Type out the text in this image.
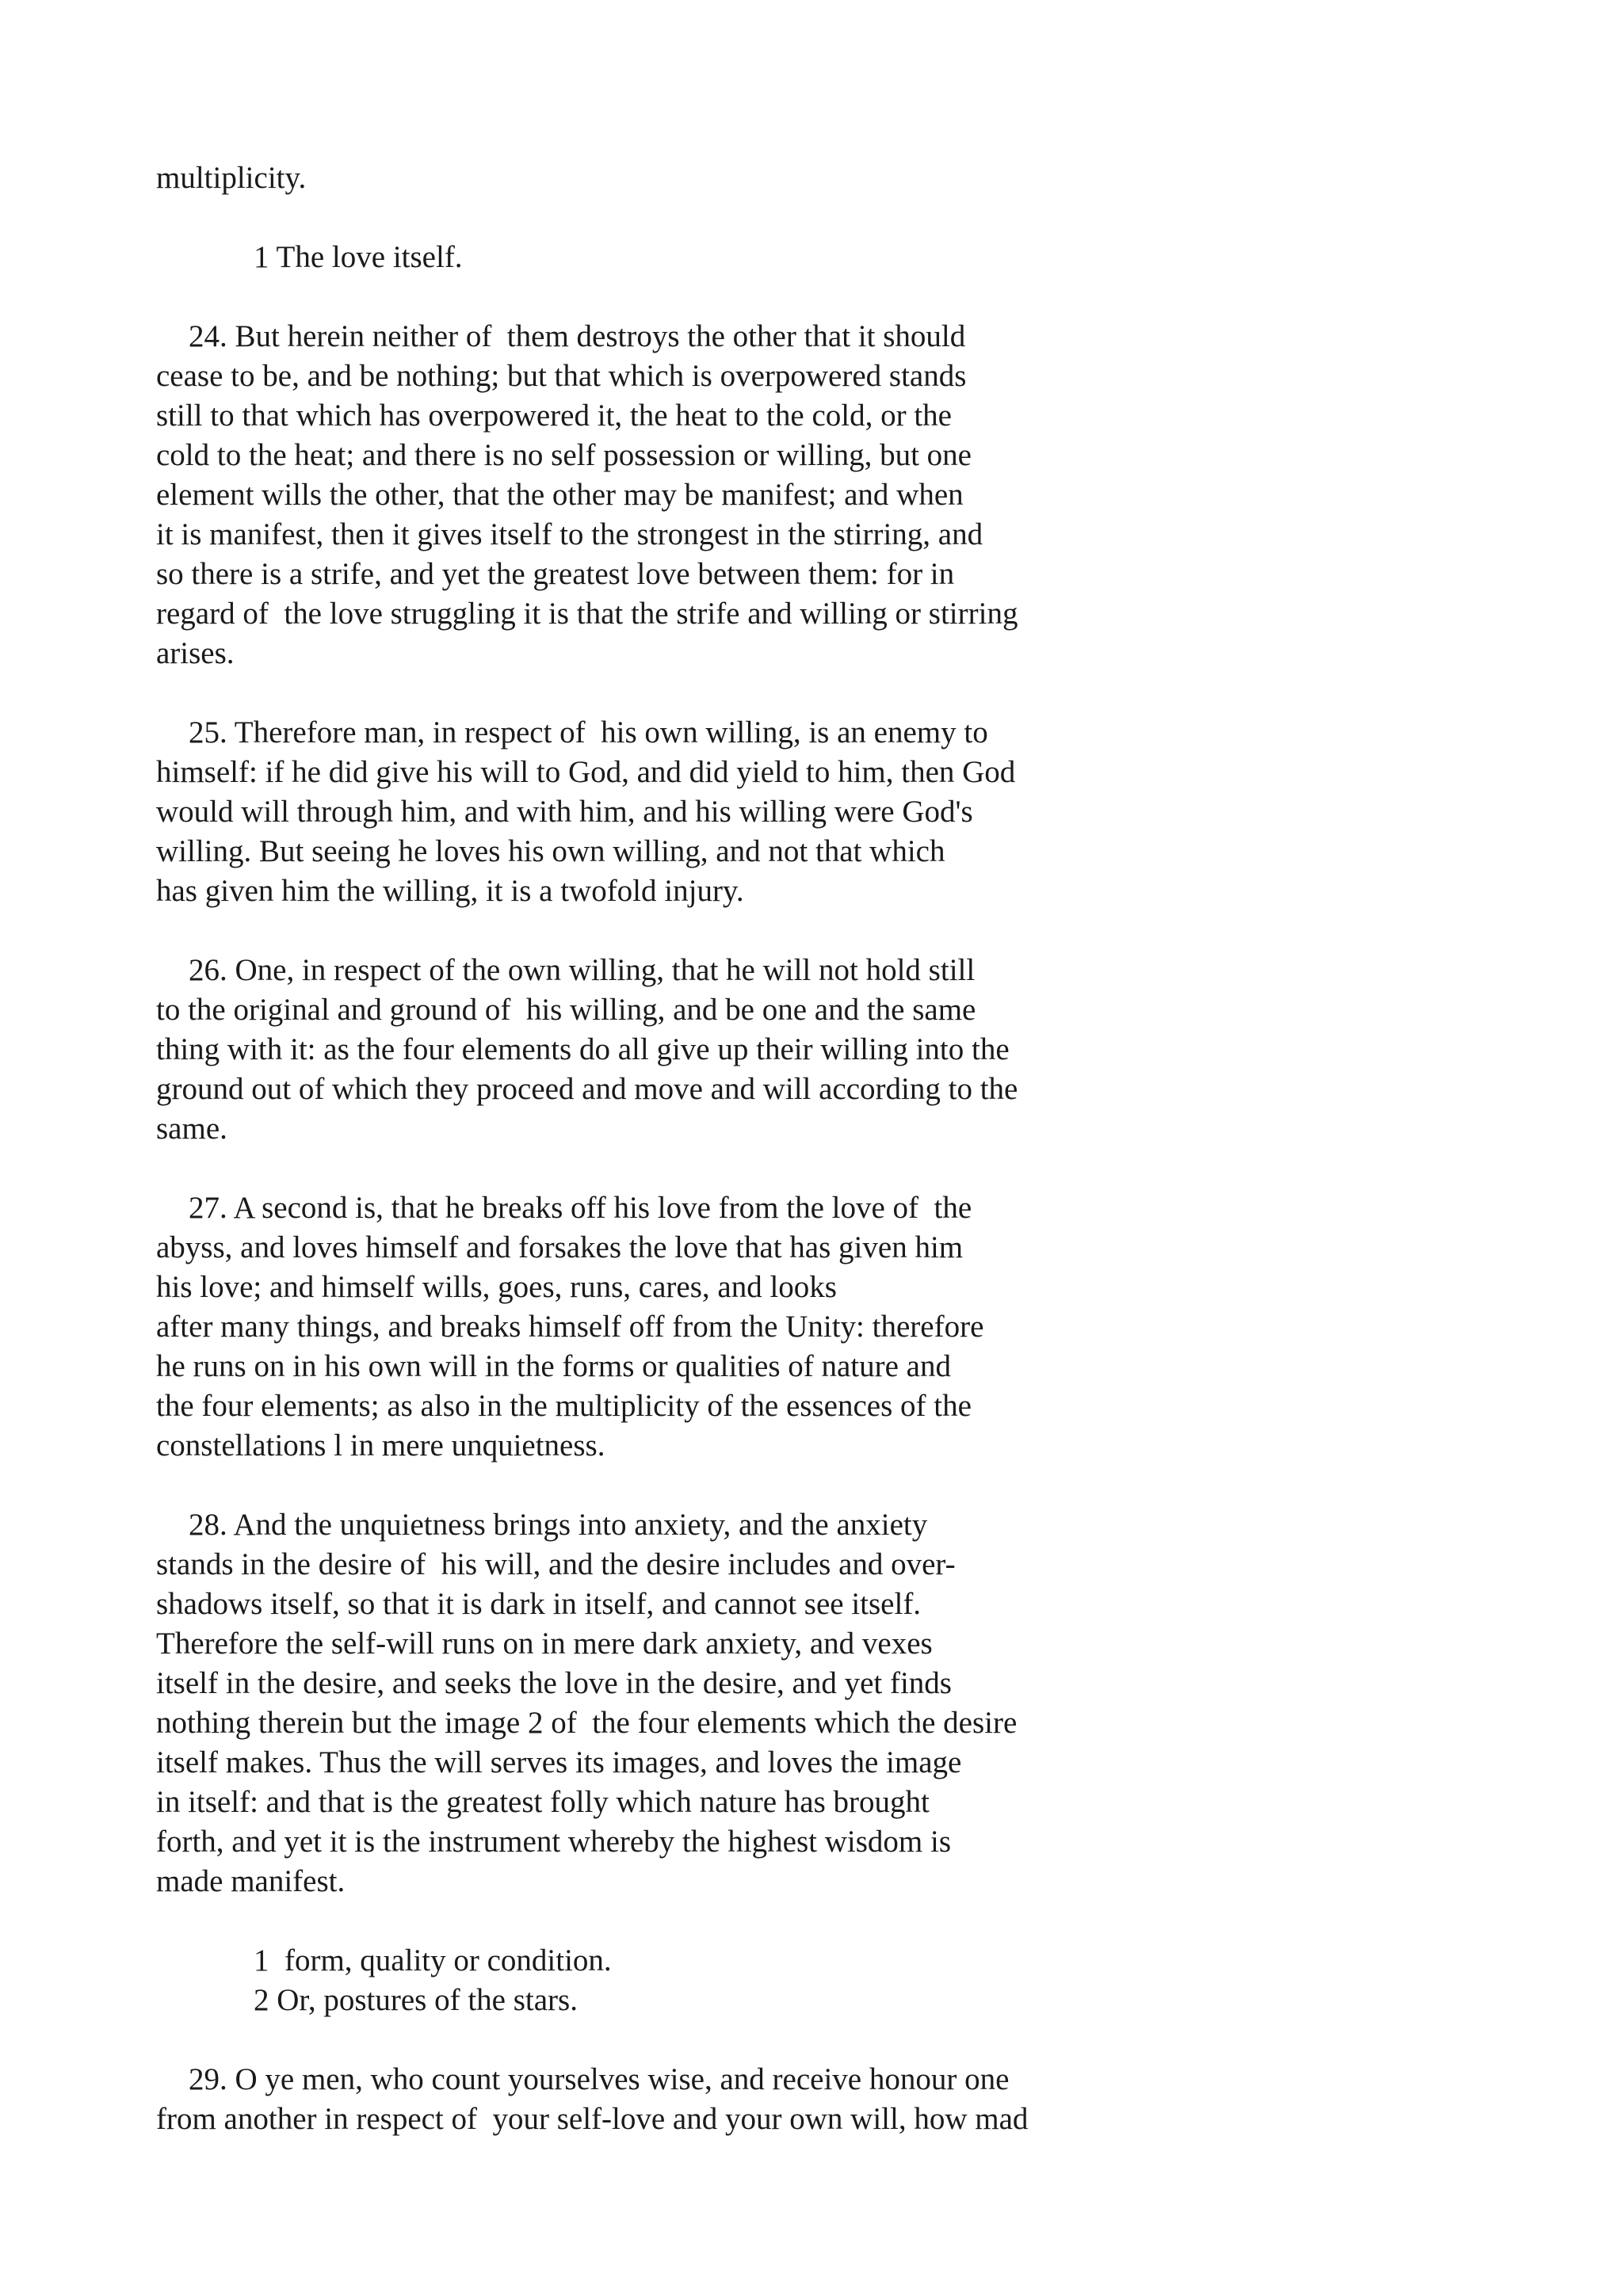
multiplicity.
1 The love itself.
24. But herein neither of  them destroys the other that it should
cease to be, and be nothing; but that which is overpowered stands
still to that which has overpowered it, the heat to the cold, or the
cold to the heat; and there is no self possession or willing, but one
element wills the other, that the other may be manifest; and when
it is manifest, then it gives itself to the strongest in the stirring, and
so there is a strife, and yet the greatest love between them: for in
regard of  the love struggling it is that the strife and willing or stirring
arises.
25. Therefore man, in respect of  his own willing, is an enemy to
himself: if he did give his will to God, and did yield to him, then God
would will through him, and with him, and his willing were God's
willing. But seeing he loves his own willing, and not that which
has given him the willing, it is a twofold injury.
26. One, in respect of the own willing, that he will not hold still
to the original and ground of  his willing, and be one and the same
thing with it: as the four elements do all give up their willing into the
ground out of which they proceed and move and will according to the
same.
27. A second is, that he breaks off his love from the love of  the
abyss, and loves himself and forsakes the love that has given him
his love; and himself wills, goes, runs, cares, and looks
after many things, and breaks himself off from the Unity: therefore
he runs on in his own will in the forms or qualities of nature and
the four elements; as also in the multiplicity of the essences of the
constellations l in mere unquietness.
28. And the unquietness brings into anxiety, and the anxiety
stands in the desire of  his will, and the desire includes and over-
shadows itself, so that it is dark in itself, and cannot see itself.
Therefore the self-will runs on in mere dark anxiety, and vexes
itself in the desire, and seeks the love in the desire, and yet finds
nothing therein but the image 2 of  the four elements which the desire
itself makes. Thus the will serves its images, and loves the image
in itself: and that is the greatest folly which nature has brought
forth, and yet it is the instrument whereby the highest wisdom is
made manifest.
1  form, quality or condition.
2 Or, postures of the stars.
29. O ye men, who count yourselves wise, and receive honour one
from another in respect of  your self-love and your own will, how mad
